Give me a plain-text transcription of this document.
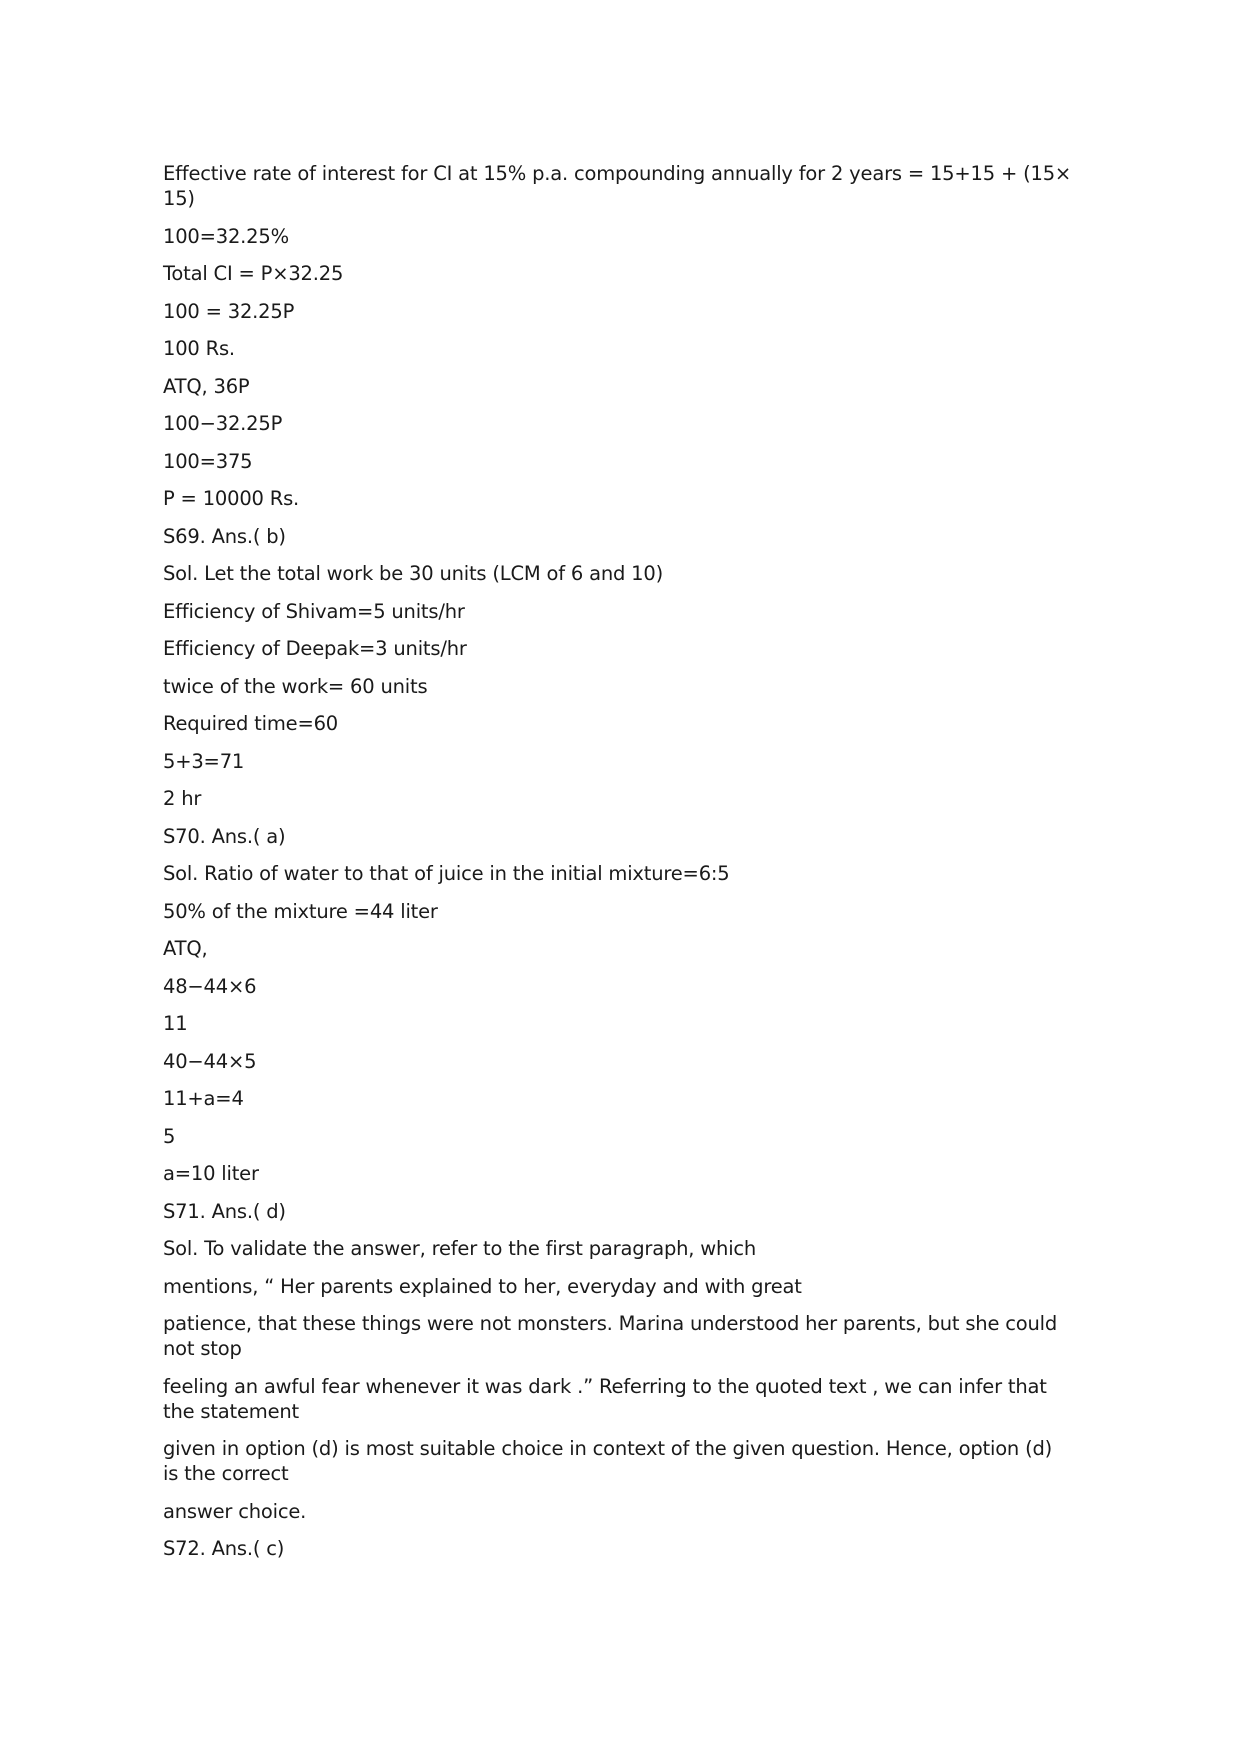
Effective rate of interest for CI at 15% p.a. compounding annually for 2 years = 15+15 + (15× 15)

100=32.25%

Total CI = P×32.25

100 = 32.25P

100 Rs.

ATQ, 36P

100−32.25P

100=375

P = 10000 Rs.

S69. Ans.( b)

Sol. Let the total work be 30 units (LCM of 6 and 10)

Efficiency of Shivam=5 units/hr

Efficiency of Deepak=3 units/hr

twice of the work= 60 units

Required time=60

5+3=71

2 hr

S70. Ans.( a)

Sol. Ratio of water to that of juice in the initial mixture=6:5

50% of the mixture =44 liter

ATQ,

48−44×6

11

40−44×5

11+a=4

5

a=10 liter

S71. Ans.( d)

Sol. To validate the answer, refer to the first paragraph, which

mentions, “ Her parents explained to her, everyday and with great

patience, that these things were not monsters. Marina understood her parents, but she could not stop

feeling an awful fear whenever it was dark .” Referring to the quoted text , we can infer that the statement

given in option (d) is most suitable choice in context of the given question. Hence, option (d) is the correct

answer choice.

S72. Ans.( c)
